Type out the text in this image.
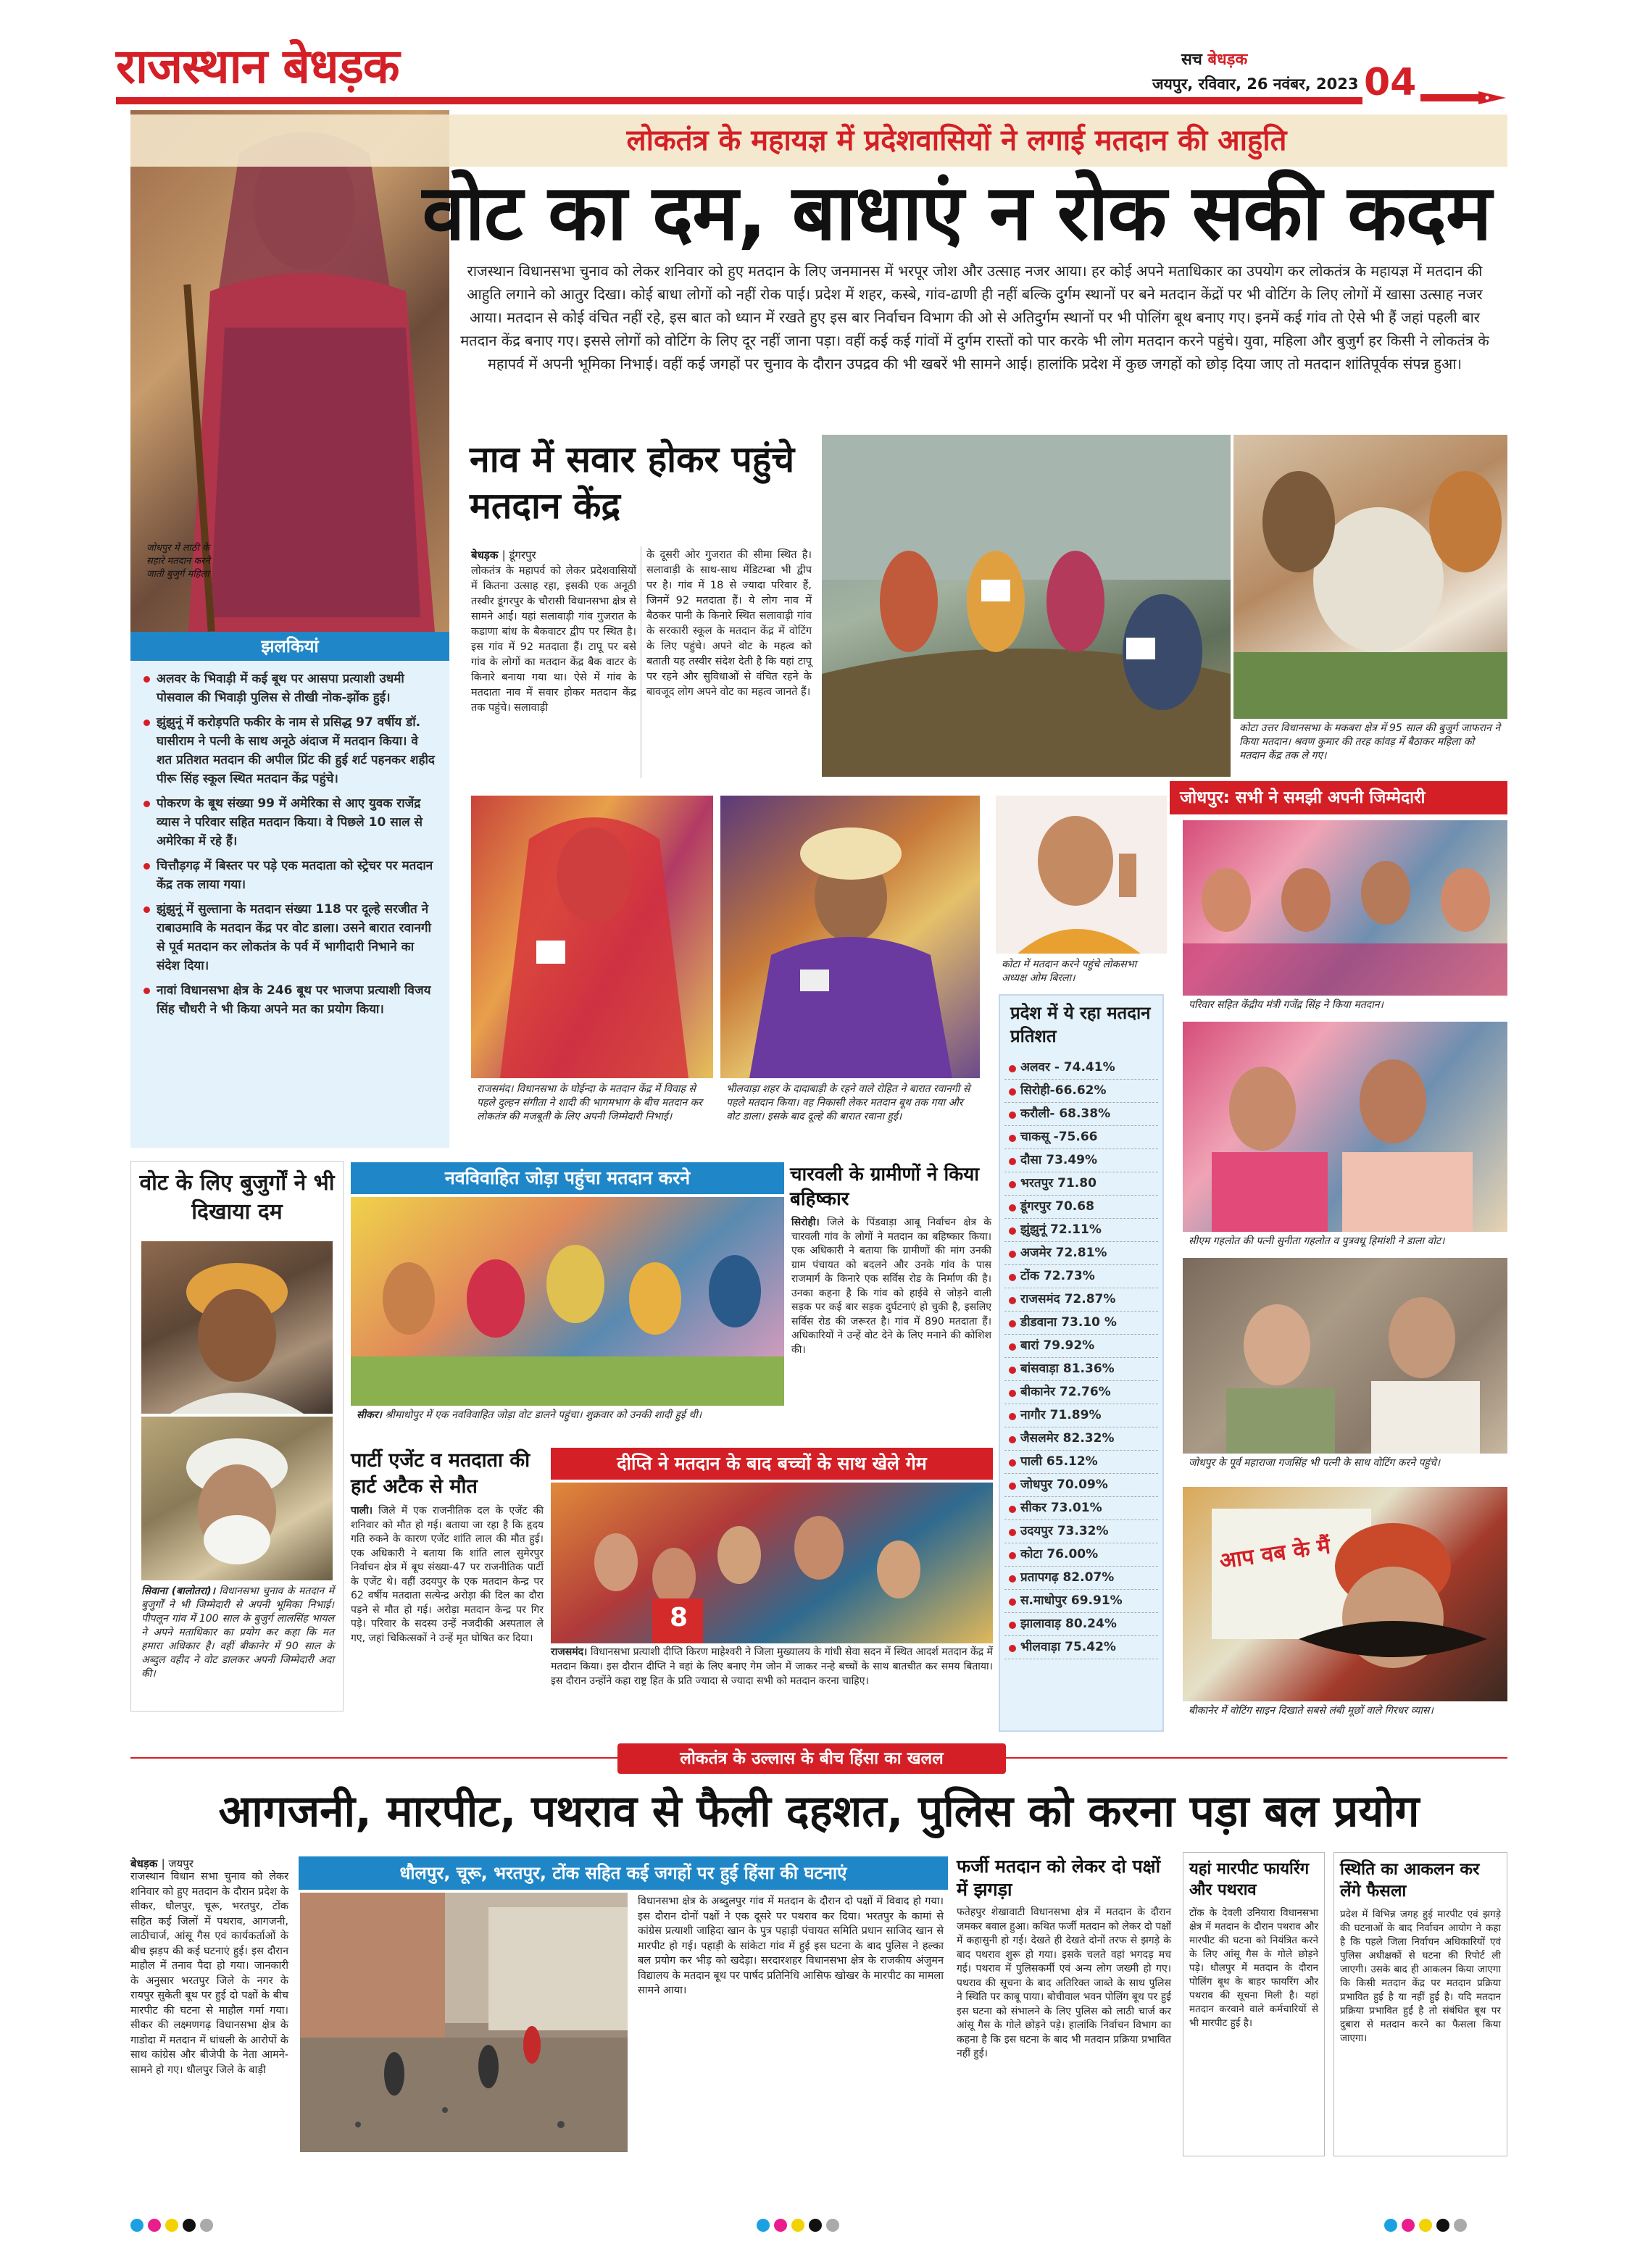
राजस्थान बेधड़क	सच बेधड़क
जयपुर, रविवार, 26 नवंबर, 2023 04
जोधपुर में लाठी के सहारे मतदान करने जाती बुजुर्ग महिला
लोकतंत्र के महायज्ञ में प्रदेशवासियों ने लगाई मतदान की आहुति
वोट का दम, बाधाएं न रोक सकी कदम
राजस्थान विधानसभा चुनाव को लेकर शनिवार को हुए मतदान के लिए जनमानस में भरपूर जोश और उत्साह नजर आया। हर कोई अपने मताधिकार का उपयोग कर लोकतंत्र के महायज्ञ में मतदान की आहुति लगाने को आतुर दिखा। कोई बाधा लोगों को नहीं रोक पाई। प्रदेश में शहर, कस्बे, गांव-ढाणी ही नहीं बल्कि दुर्गम स्थानों पर बने मतदान केंद्रों पर भी वोटिंग के लिए लोगों में खासा उत्साह नजर आया। मतदान से कोई वंचित नहीं रहे, इस बात को ध्यान में रखते हुए इस बार निर्वाचन विभाग की ओ से अतिदुर्गम स्थानों पर भी पोलिंग बूथ बनाए गए। इनमें कई गांव तो ऐसे भी हैं जहां पहली बार मतदान केंद्र बनाए गए। इससे लोगों को वोटिंग के लिए दूर नहीं जाना पड़ा। वहीं कई कई गांवों में दुर्गम रास्तों को पार करके भी लोग मतदान करने पहुंचे। युवा, महिला और बुजुर्ग हर किसी ने लोकतंत्र के महापर्व में अपनी भूमिका निभाई। वहीं कई जगहों पर चुनाव के दौरान उपद्रव की भी खबरें भी सामने आई। हालांकि प्रदेश में कुछ जगहों को छोड़ दिया जाए तो मतदान शांतिपूर्वक संपन्न हुआ।
झलकियां
अलवर के भिवाड़ी में कई बूथ पर आसपा प्रत्याशी उधमी पोसवाल की भिवाड़ी पुलिस से तीखी नोक-झोंक हुई।
झुंझुनूं में करोड़पति फकीर के नाम से प्रसिद्ध 97 वर्षीय डॉ. घासीराम ने पत्नी के साथ अनूठे अंदाज में मतदान किया। वे शत प्रतिशत मतदान की अपील प्रिंट की हुई शर्ट पहनकर शहीद पीरू सिंह स्कूल स्थित मतदान केंद्र पहुंचे।
पोकरण के बूथ संख्या 99 में अमेरिका से आए युवक राजेंद्र व्यास ने परिवार सहित मतदान किया। वे पिछले 10 साल से अमेरिका में रहे हैं।
चित्तौड़गढ़ में बिस्तर पर पड़े एक मतदाता को स्ट्रेचर पर मतदान केंद्र तक लाया गया।
झुंझुनूं में सुल्ताना के मतदान संख्या 118 पर दूल्हे सरजीत ने राबाउमावि के मतदान केंद्र पर वोट डाला। उसने बारात रवानगी से पूर्व मतदान कर लोकतंत्र के पर्व में भागीदारी निभाने का संदेश दिया।
नावां विधानसभा क्षेत्र के 246 बूथ पर भाजपा प्रत्याशी विजय सिंह चौधरी ने भी किया अपने मत का प्रयोग किया।
नाव में सवार होकर पहुंचे मतदान केंद्र
बेधड़क | डूंगरपुर
लोकतंत्र के महापर्व को लेकर प्रदेशवासियों में कितना उत्साह रहा, इसकी एक अनूठी तस्वीर डूंगरपुर के चौरासी विधानसभा क्षेत्र से सामने आई। यहां सलावाड़ी गांव गुजरात के कडाणा बांध के बैकवाटर द्वीप पर स्थित है। इस गांव में 92 मतदाता हैं। टापू पर बसे गांव के लोगों का मतदान केंद्र बैक वाटर के किनारे बनाया गया था। ऐसे में गांव के मतदाता नाव में सवार होकर मतदान केंद्र तक पहुंचे। सलावाड़ी
के दूसरी ओर गुजरात की सीमा स्थित है। सलावाड़ी के साथ-साथ मेंडिटम्बा भी द्वीप पर है। गांव में 18 से ज्यादा परिवार हैं, जिनमें 92 मतदाता हैं। ये लोग नाव में बैठकर पानी के किनारे स्थित सलावाड़ी गांव के सरकारी स्कूल के मतदान केंद्र में वोटिंग के लिए पहुंचे। अपने वोट के महत्व को बताती यह तस्वीर संदेश देती है कि यहां टापू पर रहने और सुविधाओं से वंचित रहने के बावजूद लोग अपने वोट का महत्व जानते हैं।
कोटा उत्तर विधानसभा के मकबरा क्षेत्र में 95 साल की बुजुर्ग जाफरान ने किया मतदान। श्रवण कुमार की तरह कांवड़ में बैठाकर महिला को मतदान केंद्र तक ले गए।
राजसमंद। विधानसभा के घोईन्दा के मतदान केंद्र में विवाह से पहले दुल्हन संगीता ने शादी की भागमभाग के बीच मतदान कर लोकतंत्र की मजबूती के लिए अपनी जिम्मेदारी निभाई।
भीलवाड़ा शहर के दादाबाड़ी के रहने वाले रोहित ने बारात रवानगी से पहले मतदान किया। वह निकासी लेकर मतदान बूथ तक गया और वोट डाला। इसके बाद दूल्हे की बारात रवाना हुई।
कोटा में मतदान करने पहुंचे लोकसभा अध्यक्ष ओम बिरला।
प्रदेश में ये रहा मतदान प्रतिशत
अलवर - 74.41%
सिरोही-66.62%
करौली- 68.38%
चाकसू -75.66
दौसा 73.49%
भरतपुर 71.80
डूंगरपुर 70.68
झुंझुनूं 72.11%
अजमेर 72.81%
टोंक 72.73%
राजसमंद 72.87%
डीडवाना 73.10 %
बारां 79.92%
बांसवाड़ा 81.36%
बीकानेर 72.76%
नागौर 71.89%
जैसलमेर 82.32%
पाली 65.12%
जोधपुर 70.09%
सीकर 73.01%
उदयपुर 73.32%
कोटा 76.00%
प्रतापगढ़ 82.07%
स.माधोपुर 69.91%
झालावाड़ 80.24%
भीलवाड़ा 75.42%
जोधपुर: सभी ने समझी अपनी जिम्मेदारी
परिवार सहित केंद्रीय मंत्री गजेंद्र सिंह ने किया मतदान।
सीएम गहलोत की पत्नी सुनीता गहलोत व पुत्रवधू हिमांशी ने डाला वोट।
जोधपुर के पूर्व महाराजा गजसिंह भी पत्नी के साथ वोटिंग करने पहुंचे।
आप वब के मैं
बीकानेर में वोटिंग साइन दिखाते सबसे लंबी मूछों वाले गिरधर व्यास।
वोट के लिए बुजुर्गों ने भी दिखाया दम
सिवाना (बालोतरा)। विधानसभा चुनाव के मतदान में बुजुर्गों ने भी जिम्मेदारी से अपनी भूमिका निभाई। पीपलून गांव में 100 साल के बुजुर्ग लालसिंह भायल ने अपने मताधिकार का प्रयोग कर कहा कि मत हमारा अधिकार है। वहीं बीकानेर में 90 साल के अब्दुल वहीद ने वोट डालकर अपनी जिम्मेदारी अदा की।
नवविवाहित जोड़ा पहुंचा मतदान करने
सीकर। श्रीमाधोपुर में एक नवविवाहित जोड़ा वोट डालने पहुंचा। शुक्रवार को उनकी शादी हुई थी।
चारवली के ग्रामीणों ने किया बहिष्कार
सिरोही। जिले के पिंडवाड़ा आबू निर्वाचन क्षेत्र के चारवली गांव के लोगों ने मतदान का बहिष्कार किया। एक अधिकारी ने बताया कि ग्रामीणों की मांग उनकी ग्राम पंचायत को बदलने और उनके गांव के पास राजमार्ग के किनारे एक सर्विस रोड के निर्माण की है। उनका कहना है कि गांव को हाईवे से जोड़ने वाली सड़क पर कई बार सड़क दुर्घटनाएं हो चुकी है, इसलिए सर्विस रोड की जरूरत है। गांव में 890 मतदाता हैं। अधिकारियों ने उन्हें वोट देने के लिए मनाने की कोशिश की।
पार्टी एजेंट व मतदाता की हार्ट अटैक से मौत
पाली। जिले में एक राजनीतिक दल के एजेंट की शनिवार को मौत हो गई। बताया जा रहा है कि हृदय गति रुकने के कारण एजेंट शांति लाल की मौत हुई। एक अधिकारी ने बताया कि शांति लाल सुमेरपुर निर्वाचन क्षेत्र में बूथ संख्या-47 पर राजनीतिक पार्टी के एजेंट थे। वहीं उदयपुर के एक मतदान केन्द्र पर 62 वर्षीय मतदाता सत्येन्द्र अरोड़ा की दिल का दौरा पड़ने से मौत हो गई। अरोड़ा मतदान केन्द्र पर गिर पड़े। परिवार के सदस्य उन्हें नजदीकी अस्पताल ले गए, जहां चिकित्सकों ने उन्हें मृत घोषित कर दिया।
दीप्ति ने मतदान के बाद बच्चों के साथ खेले गेम
8
राजसमंद। विधानसभा प्रत्याशी दीप्ति किरण माहेश्वरी ने जिला मुख्यालय के गांधी सेवा सदन में स्थित आदर्श मतदान केंद्र में मतदान किया। इस दौरान दीप्ति ने वहां के लिए बनाए गेम जोन में जाकर नन्हे बच्चों के साथ बातचीत कर समय बिताया। इस दौरान उन्होंने कहा राष्ट्र हित के प्रति ज्यादा से ज्यादा सभी को मतदान करना चाहिए।
लोकतंत्र के उल्लास के बीच हिंसा का खलल
आगजनी, मारपीट, पथराव से फैली दहशत, पुलिस को करना पड़ा बल प्रयोग
बेधड़क | जयपुर
राजस्थान विधान सभा चुनाव को लेकर शनिवार को हुए मतदान के दौरान प्रदेश के सीकर, धौलपुर, चूरू, भरतपुर, टोंक सहित कई जिलों में पथराव, आगजनी, लाठीचार्ज, आंसू गैस एवं कार्यकर्ताओं के बीच झड़प की कई घटनाएं हुई। इस दौरान माहौल में तनाव पैदा हो गया। जानकारी के अनुसार भरतपुर जिले के नगर के रायपुर सुकेती बूथ पर हुई दो पक्षों के बीच मारपीट की घटना से माहौल गर्मा गया। सीकर की लक्ष्मणगढ़ विधानसभा क्षेत्र के गाडोदा में मतदान में धांधली के आरोपों के साथ कांग्रेस और बीजेपी के नेता आमने-सामने हो गए। धौलपुर जिले के बाड़ी
धौलपुर, चूरू, भरतपुर, टोंक सहित कई जगहों पर हुई हिंसा की घटनाएं
विधानसभा क्षेत्र के अब्दुलपुर गांव में मतदान के दौरान दो पक्षों में विवाद हो गया। इस दौरान दोनों पक्षों ने एक दूसरे पर पथराव कर दिया। भरतपुर के कामां से कांग्रेस प्रत्याशी जाहिदा खान के पुत्र पहाड़ी पंचायत समिति प्रधान साजिद खान से मारपीट हो गई। पहाड़ी के सांकेटा गांव में हुई इस घटना के बाद पुलिस ने हल्का बल प्रयोग कर भीड़ को खदेड़ा। सरदारशहर विधानसभा क्षेत्र के राजकीय अंजुमन विद्यालय के मतदान बूथ पर पार्षद प्रतिनिधि आसिफ खोखर के मारपीट का मामला सामने आया।
फर्जी मतदान को लेकर दो पक्षों में झगड़ा
फतेहपुर शेखावाटी विधानसभा क्षेत्र में मतदान के दौरान जमकर बवाल हुआ। कथित फर्जी मतदान को लेकर दो पक्षों में कहासुनी हो गई। देखते ही देखते दोनों तरफ से झगड़े के बाद पथराव शुरू हो गया। इसके चलते वहां भगदड़ मच गई। पथराव में पुलिसकर्मी एवं अन्य लोग जख्मी हो गए। पथराव की सूचना के बाद अतिरिक्त जाब्ते के साथ पुलिस ने स्थिति पर काबू पाया। बोचीवाल भवन पोलिंग बूथ पर हुई इस घटना को संभालने के लिए पुलिस को लाठी चार्ज कर आंसू गैस के गोले छोड़ने पड़े। हालांकि निर्वाचन विभाग का कहना है कि इस घटना के बाद भी मतदान प्रक्रिया प्रभावित नहीं हुई।
यहां मारपीट फायरिंग और पथराव
टोंक के देवली उनियारा विधानसभा क्षेत्र में मतदान के दौरान पथराव और मारपीट की घटना को नियंत्रित करने के लिए आंसू गैस के गोले छोड़ने पड़े। धौलपुर में मतदान के दौरान पोलिंग बूथ के बाहर फायरिंग और पथराव की सूचना मिली है। यहां मतदान करवाने वाले कर्मचारियों से भी मारपीट हुई है।
स्थिति का आकलन कर लेंगे फैसला
प्रदेश में विभिन्न जगह हुई मारपीट एवं झगड़े की घटनाओं के बाद निर्वाचन आयोग ने कहा है कि पहले जिला निर्वाचन अधिकारियों एवं पुलिस अधीक्षकों से घटना की रिपोर्ट ली जाएगी। उसके बाद ही आकलन किया जाएगा कि किसी मतदान केंद्र पर मतदान प्रक्रिया प्रभावित हुई है या नहीं हुई है। यदि मतदान प्रक्रिया प्रभावित हुई है तो संबंधित बूथ पर दुबारा से मतदान करने का फैसला किया जाएगा।
